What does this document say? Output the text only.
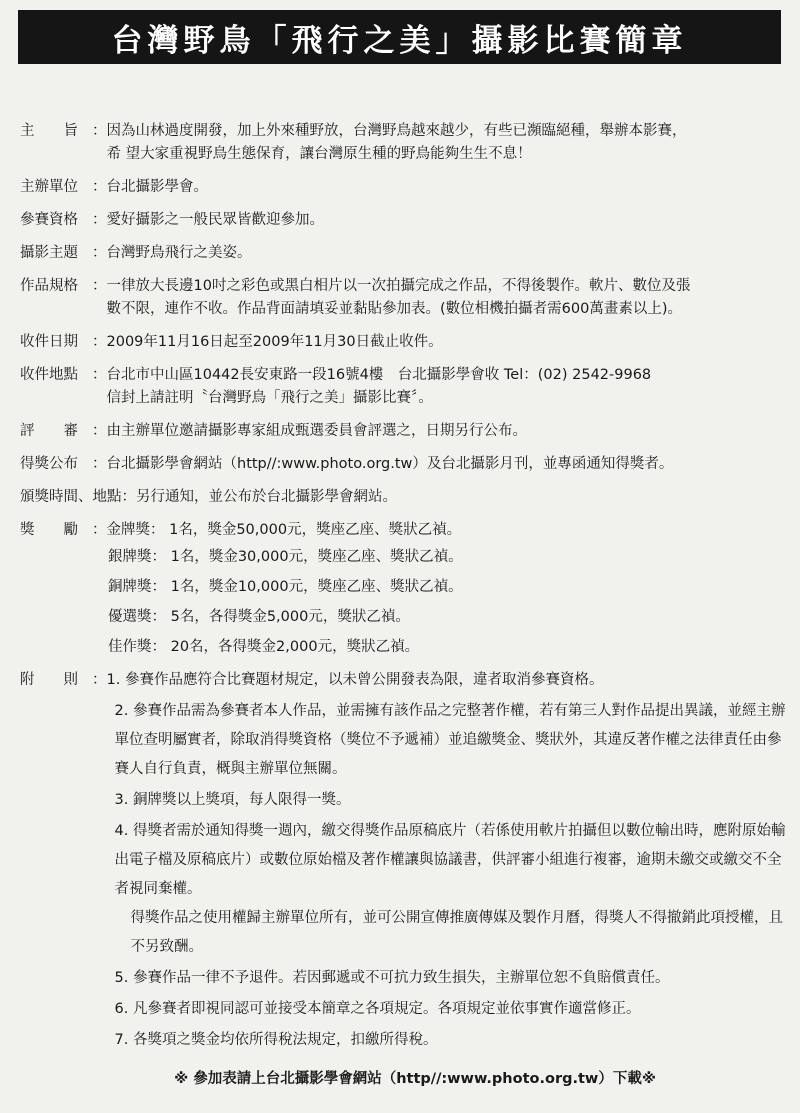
台灣野鳥「飛行之美」攝影比賽簡章
主　　旨 ： 因為山林過度開發，加上外來種野放，台灣野鳥越來越少，有些已瀕臨絕種，舉辦本影賽，
希 望大家重視野鳥生態保育，讓台灣原生種的野鳥能夠生生不息！
主辦單位 ： 台北攝影學會。
參賽資格 ： 愛好攝影之一般民眾皆歡迎參加。
攝影主題 ： 台灣野鳥飛行之美姿。
作品規格 ： 一律放大長邊10吋之彩色或黑白相片以一次拍攝完成之作品，不得後製作。軟片、數位及張
數不限，連作不收。作品背面請填妥並黏貼參加表。(數位相機拍攝者需600萬畫素以上)。
收件日期 ： 2009年11月16日起至2009年11月30日截止收件。
收件地點 ： 台北市中山區10442長安東路一段16號4樓　台北攝影學會收 Tel：(02) 2542-9968
信封上請註明〝台灣野鳥「飛行之美」攝影比賽〞。
評　　審 ： 由主辦單位邀請攝影專家組成甄選委員會評選之，日期另行公布。
得獎公布 ： 台北攝影學會網站（http//:www.photo.org.tw）及台北攝影月刊，並專函通知得獎者。
頒獎時間、地點 ： 另行通知，並公布於台北攝影學會網站。
獎　　勵 ： 金牌獎： 1名，獎金50,000元，獎座乙座、獎狀乙禎。
銀牌獎： 1名，獎金30,000元，獎座乙座、獎狀乙禎。
銅牌獎： 1名，獎金10,000元，獎座乙座、獎狀乙禎。
優選獎： 5名，各得獎金5,000元，獎狀乙禎。
佳作獎： 20名，各得獎金2,000元，獎狀乙禎。
附　　則 ： 1. 參賽作品應符合比賽題材規定，以未曾公開發表為限，違者取消參賽資格。
2. 參賽作品需為參賽者本人作品，並需擁有該作品之完整著作權，若有第三人對作品提出異議，並經主辦單位查明屬實者，除取消得獎資格（獎位不予遞補）並追繳獎金、獎狀外，其違反著作權之法律責任由參賽人自行負責，概與主辦單位無關。
3. 銅牌獎以上獎項，每人限得一獎。
4. 得獎者需於通知得獎一週內，繳交得獎作品原稿底片（若係使用軟片拍攝但以數位輸出時，應附原始輸出電子檔及原稿底片）或數位原始檔及著作權讓與協議書，供評審小組進行複審，逾期未繳交或繳交不全者視同棄權。
得獎作品之使用權歸主辦單位所有，並可公開宣傳推廣傳媒及製作月曆，得獎人不得撤銷此項授權，且不另致酬。
5. 參賽作品一律不予退件。若因郵遞或不可抗力致生損失，主辦單位恕不負賠償責任。
6. 凡參賽者即視同認可並接受本簡章之各項規定。各項規定並依事實作適當修正。
7. 各獎項之獎金均依所得稅法規定，扣繳所得稅。
※ 參加表請上台北攝影學會網站（http//:www.photo.org.tw）下載※
